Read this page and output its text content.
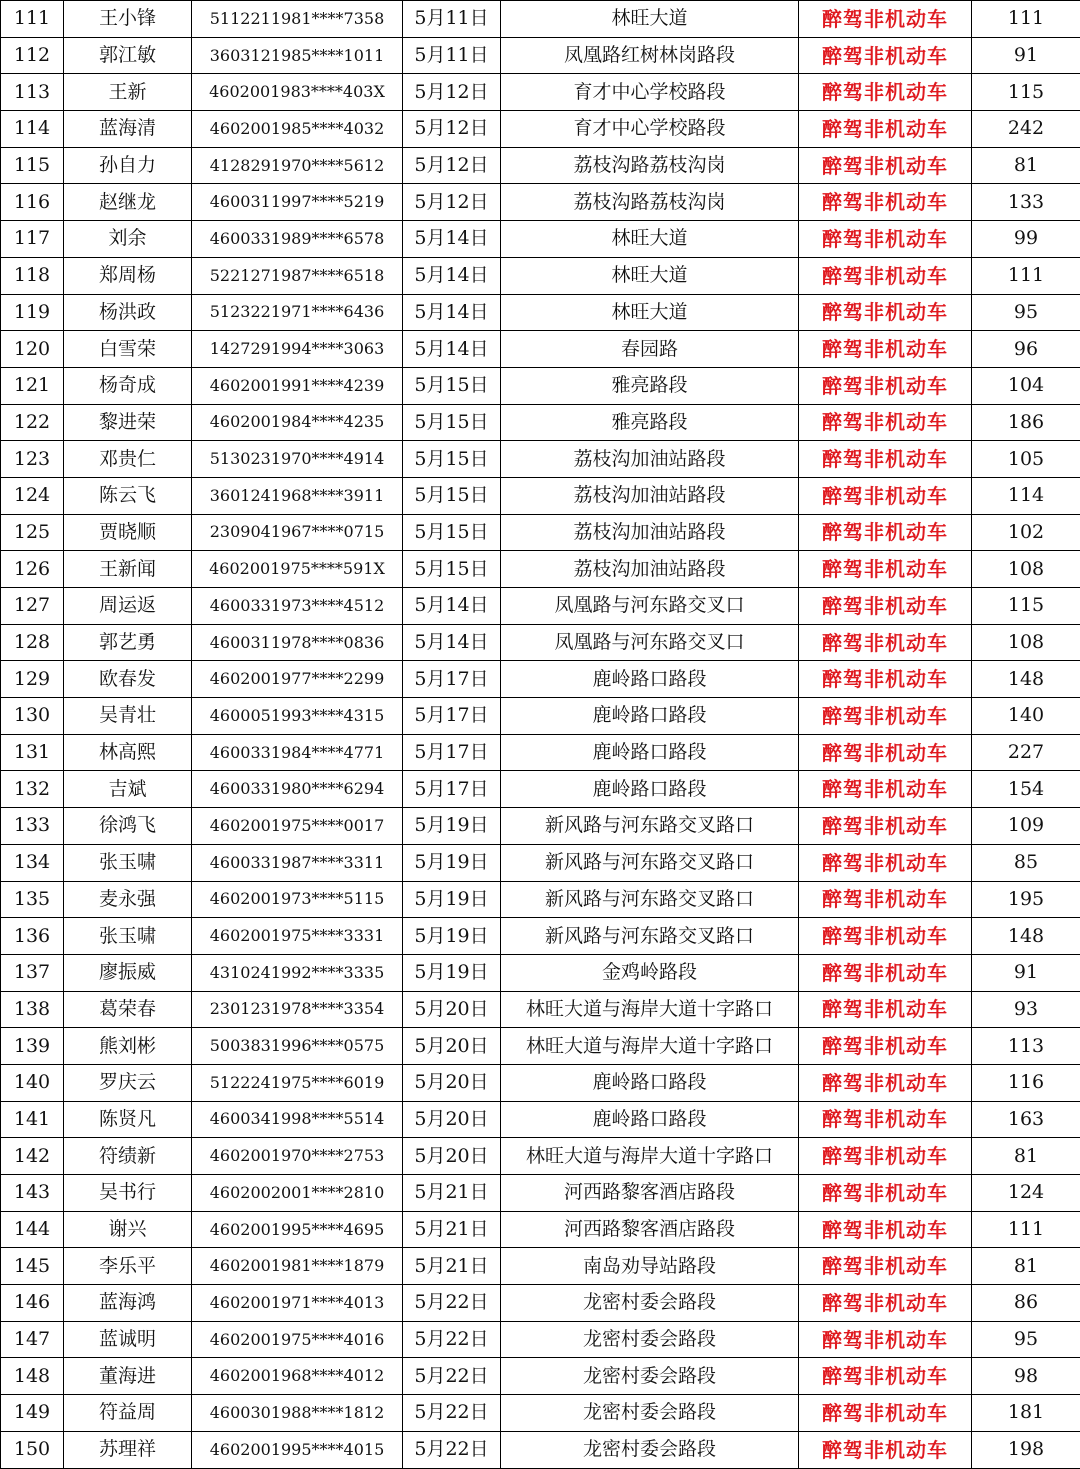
111	王小锋	5112211981****7358	5月11日	林旺大道	醉驾非机动车	111
112	郭江敏	3603121985****1011	5月11日	凤凰路红树林岗路段	醉驾非机动车	91
113	王新	4602001983****403X	5月12日	育才中心学校路段	醉驾非机动车	115
114	蓝海清	4602001985****4032	5月12日	育才中心学校路段	醉驾非机动车	242
115	孙自力	4128291970****5612	5月12日	荔枝沟路荔枝沟岗	醉驾非机动车	81
116	赵继龙	4600311997****5219	5月12日	荔枝沟路荔枝沟岗	醉驾非机动车	133
117	刘余	4600331989****6578	5月14日	林旺大道	醉驾非机动车	99
118	郑周杨	5221271987****6518	5月14日	林旺大道	醉驾非机动车	111
119	杨洪政	5123221971****6436	5月14日	林旺大道	醉驾非机动车	95
120	白雪荣	1427291994****3063	5月14日	春园路	醉驾非机动车	96
121	杨奇成	4602001991****4239	5月15日	雅亮路段	醉驾非机动车	104
122	黎进荣	4602001984****4235	5月15日	雅亮路段	醉驾非机动车	186
123	邓贵仁	5130231970****4914	5月15日	荔枝沟加油站路段	醉驾非机动车	105
124	陈云飞	3601241968****3911	5月15日	荔枝沟加油站路段	醉驾非机动车	114
125	贾晓顺	2309041967****0715	5月15日	荔枝沟加油站路段	醉驾非机动车	102
126	王新闻	4602001975****591X	5月15日	荔枝沟加油站路段	醉驾非机动车	108
127	周运返	4600331973****4512	5月14日	凤凰路与河东路交叉口	醉驾非机动车	115
128	郭艺勇	4600311978****0836	5月14日	凤凰路与河东路交叉口	醉驾非机动车	108
129	欧春发	4602001977****2299	5月17日	鹿岭路口路段	醉驾非机动车	148
130	吴青壮	4600051993****4315	5月17日	鹿岭路口路段	醉驾非机动车	140
131	林高熙	4600331984****4771	5月17日	鹿岭路口路段	醉驾非机动车	227
132	吉斌	4600331980****6294	5月17日	鹿岭路口路段	醉驾非机动车	154
133	徐鸿飞	4602001975****0017	5月19日	新风路与河东路交叉路口	醉驾非机动车	109
134	张玉啸	4600331987****3311	5月19日	新风路与河东路交叉路口	醉驾非机动车	85
135	麦永强	4602001973****5115	5月19日	新风路与河东路交叉路口	醉驾非机动车	195
136	张玉啸	4602001975****3331	5月19日	新风路与河东路交叉路口	醉驾非机动车	148
137	廖振威	4310241992****3335	5月19日	金鸡岭路段	醉驾非机动车	91
138	葛荣春	2301231978****3354	5月20日	林旺大道与海岸大道十字路口	醉驾非机动车	93
139	熊刘彬	5003831996****0575	5月20日	林旺大道与海岸大道十字路口	醉驾非机动车	113
140	罗庆云	5122241975****6019	5月20日	鹿岭路口路段	醉驾非机动车	116
141	陈贤凡	4600341998****5514	5月20日	鹿岭路口路段	醉驾非机动车	163
142	符绩新	4602001970****2753	5月20日	林旺大道与海岸大道十字路口	醉驾非机动车	81
143	吴书行	4602002001****2810	5月21日	河西路黎客酒店路段	醉驾非机动车	124
144	谢兴	4602001995****4695	5月21日	河西路黎客酒店路段	醉驾非机动车	111
145	李乐平	4602001981****1879	5月21日	南岛劝导站路段	醉驾非机动车	81
146	蓝海鸿	4602001971****4013	5月22日	龙密村委会路段	醉驾非机动车	86
147	蓝诚明	4602001975****4016	5月22日	龙密村委会路段	醉驾非机动车	95
148	董海进	4602001968****4012	5月22日	龙密村委会路段	醉驾非机动车	98
149	符益周	4600301988****1812	5月22日	龙密村委会路段	醉驾非机动车	181
150	苏理祥	4602001995****4015	5月22日	龙密村委会路段	醉驾非机动车	198
